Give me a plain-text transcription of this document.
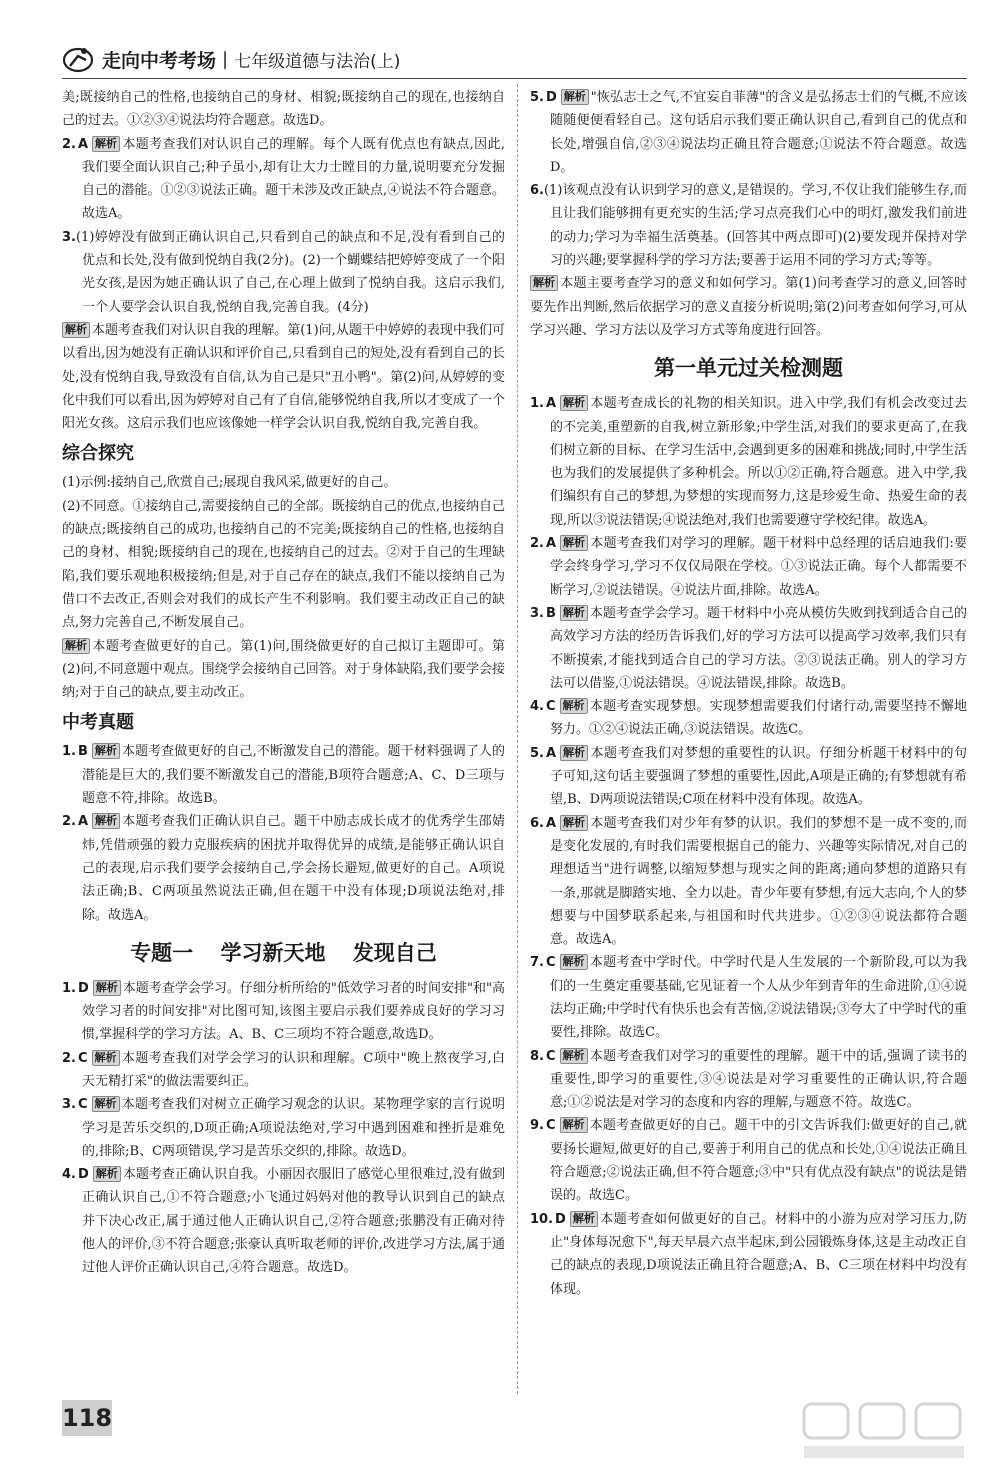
走向中考考场 | 七年级道德与法治(上)

美;既接纳自己的性格,也接纳自己的身材、相貌;既接纳自己的现在,也接纳自己的过去。①②③④说法均符合题意。故选D。

2. A 解析 本题考查我们对认识自己的理解。每个人既有优点也有缺点,因此,我们要全面认识自己;种子虽小,却有让大力士瞠目的力量,说明要充分发掘自己的潜能。①②③说法正确。题干未涉及改正缺点,④说法不符合题意。故选A。

3.(1)婷婷没有做到正确认识自己,只看到自己的缺点和不足,没有看到自己的优点和长处,没有做到悦纳自我(2分)。(2)一个蝴蝶结把婷婷变成了一个阳光女孩,是因为她正确认识了自己,在心理上做到了悦纳自我。这启示我们,一个人要学会认识自我,悦纳自我,完善自我。(4分)

解析 本题考查我们对认识自我的理解。第(1)问,从题干中婷婷的表现中我们可以看出,因为她没有正确认识和评价自己,只看到自己的短处,没有看到自己的长处,没有悦纳自我,导致没有自信,认为自己是只"丑小鸭"。第(2)问,从婷婷的变化中我们可以看出,因为婷婷对自己有了自信,能够悦纳自我,所以才变成了一个阳光女孩。这启示我们也应该像她一样学会认识自我,悦纳自我,完善自我。

综合探究

(1)示例:接纳自己,欣赏自己;展现自我风采,做更好的自己。

(2)不同意。①接纳自己,需要接纳自己的全部。既接纳自己的优点,也接纳自己的缺点;既接纳自己的成功,也接纳自己的不完美;既接纳自己的性格,也接纳自己的身材、相貌;既接纳自己的现在,也接纳自己的过去。②对于自己的生理缺陷,我们要乐观地积极接纳;但是,对于自己存在的缺点,我们不能以接纳自己为借口不去改正,否则会对我们的成长产生不利影响。我们要主动改正自己的缺点,努力完善自己,不断发展自己。

解析 本题考查做更好的自己。第(1)问,围绕做更好的自己拟订主题即可。第(2)问,不同意题中观点。围绕学会接纳自己回答。对于身体缺陷,我们要学会接纳;对于自己的缺点,要主动改正。

中考真题

1. B 解析 本题考查做更好的自己,不断激发自己的潜能。题干材料强调了人的潜能是巨大的,我们要不断激发自己的潜能,B项符合题意;A、C、D三项与题意不符,排除。故选B。

2. A 解析 本题考查我们正确认识自己。题干中励志成长成才的优秀学生邵婧炜,凭借顽强的毅力克服疾病的困扰并取得优异的成绩,是能够正确认识自己的表现,启示我们要学会接纳自己,学会扬长避短,做更好的自己。A项说法正确;B、C两项虽然说法正确,但在题干中没有体现;D项说法绝对,排除。故选A。

专题一 学习新天地 发现自己

1. D 解析 本题考查学会学习。仔细分析所给的"低效学习者的时间安排"和"高效学习者的时间安排"对比图可知,该图主要启示我们要养成良好的学习习惯,掌握科学的学习方法。A、B、C三项均不符合题意,故选D。

2. C 解析 本题考查我们对学会学习的认识和理解。C项中"晚上熬夜学习,白天无精打采"的做法需要纠正。

3. C 解析 本题考查我们对树立正确学习观念的认识。某物理学家的言行说明学习是苦乐交织的,D项正确;A项说法绝对,学习中遇到困难和挫折是难免的,排除;B、C两项错误,学习是苦乐交织的,排除。故选D。

4. D 解析 本题考查正确认识自我。小丽因衣服旧了感觉心里很难过,没有做到正确认识自己,①不符合题意;小飞通过妈妈对他的教导认识到自己的缺点并下决心改正,属于通过他人正确认识自己,②符合题意;张鹏没有正确对待他人的评价,③不符合题意;张豪认真听取老师的评价,改进学习方法,属于通过他人评价正确认识自己,④符合题意。故选D。

5. D 解析 "恢弘志士之气,不宜妄自菲薄"的含义是弘扬志士们的气概,不应该随随便便看轻自己。这句话启示我们要正确认识自己,看到自己的优点和长处,增强自信,②③④说法均正确且符合题意;①说法不符合题意。故选D。

6.(1)该观点没有认识到学习的意义,是错误的。学习,不仅让我们能够生存,而且让我们能够拥有更充实的生活;学习点亮我们心中的明灯,激发我们前进的动力;学习为幸福生活奠基。(回答其中两点即可)(2)要发现并保持对学习的兴趣;要掌握科学的学习方法;要善于运用不同的学习方式;等等。

解析 本题主要考查学习的意义和如何学习。第(1)问考查学习的意义,回答时要先作出判断,然后依据学习的意义直接分析说明;第(2)问考查如何学习,可从学习兴趣、学习方法以及学习方式等角度进行回答。

第一单元过关检测题

1. A 解析 本题考查成长的礼物的相关知识。进入中学,我们有机会改变过去的不完美,重塑新的自我,树立新形象;中学生活,对我们的要求更高了,在我们树立新的目标、在学习生活中,会遇到更多的困难和挑战;同时,中学生活也为我们的发展提供了多种机会。所以①②正确,符合题意。进入中学,我们编织有自己的梦想,为梦想的实现而努力,这是珍爱生命、热爱生命的表现,所以③说法错误;④说法绝对,我们也需要遵守学校纪律。故选A。

2. A 解析 本题考查我们对学习的理解。题干材料中总经理的话启迪我们:要学会终身学习,学习不仅仅局限在学校。①③说法正确。每个人都需要不断学习,②说法错误。④说法片面,排除。故选A。

3. B 解析 本题考查学会学习。题干材料中小亮从模仿失败到找到适合自己的高效学习方法的经历告诉我们,好的学习方法可以提高学习效率,我们只有不断摸索,才能找到适合自己的学习方法。②③说法正确。别人的学习方法可以借鉴,①说法错误。④说法错误,排除。故选B。

4. C 解析 本题考查实现梦想。实现梦想需要我们付诸行动,需要坚持不懈地努力。①②④说法正确,③说法错误。故选C。

5. A 解析 本题考查我们对梦想的重要性的认识。仔细分析题干材料中的句子可知,这句话主要强调了梦想的重要性,因此,A项是正确的;有梦想就有希望,B、D两项说法错误;C项在材料中没有体现。故选A。

6. A 解析 本题考查我们对少年有梦的认识。我们的梦想不是一成不变的,而是变化发展的,有时我们需要根据自己的能力、兴趣等实际情况,对自己的理想适当"进行调整,以缩短梦想与现实之间的距离;通向梦想的道路只有一条,那就是脚踏实地、全力以赴。青少年要有梦想,有远大志向,个人的梦想要与中国梦联系起来,与祖国和时代共进步。①②③④说法都符合题意。故选A。

7. C 解析 本题考查中学时代。中学时代是人生发展的一个新阶段,可以为我们的一生奠定重要基础,它见证着一个人从少年到青年的生命进阶,①④说法均正确;中学时代有快乐也会有苦恼,②说法错误;③夸大了中学时代的重要性,排除。故选C。

8. C 解析 本题考查我们对学习的重要性的理解。题干中的话,强调了读书的重要性,即学习的重要性,③④说法是对学习重要性的正确认识,符合题意;①②说法是对学习的态度和内容的理解,与题意不符。故选C。

9. C 解析 本题考查做更好的自己。题干中的引文告诉我们:做更好的自己,就要扬长避短,做更好的自己,要善于利用自己的优点和长处,①④说法正确且符合题意;②说法正确,但不符合题意;③中"只有优点没有缺点"的说法是错误的。故选C。

10. D 解析 本题考查如何做更好的自己。材料中的小游为应对学习压力,防止"身体每况愈下",每天早晨六点半起床,到公园锻炼身体,这是主动改正自己的缺点的表现,D项说法正确且符合题意;A、B、C三项在材料中均没有体现。

118
